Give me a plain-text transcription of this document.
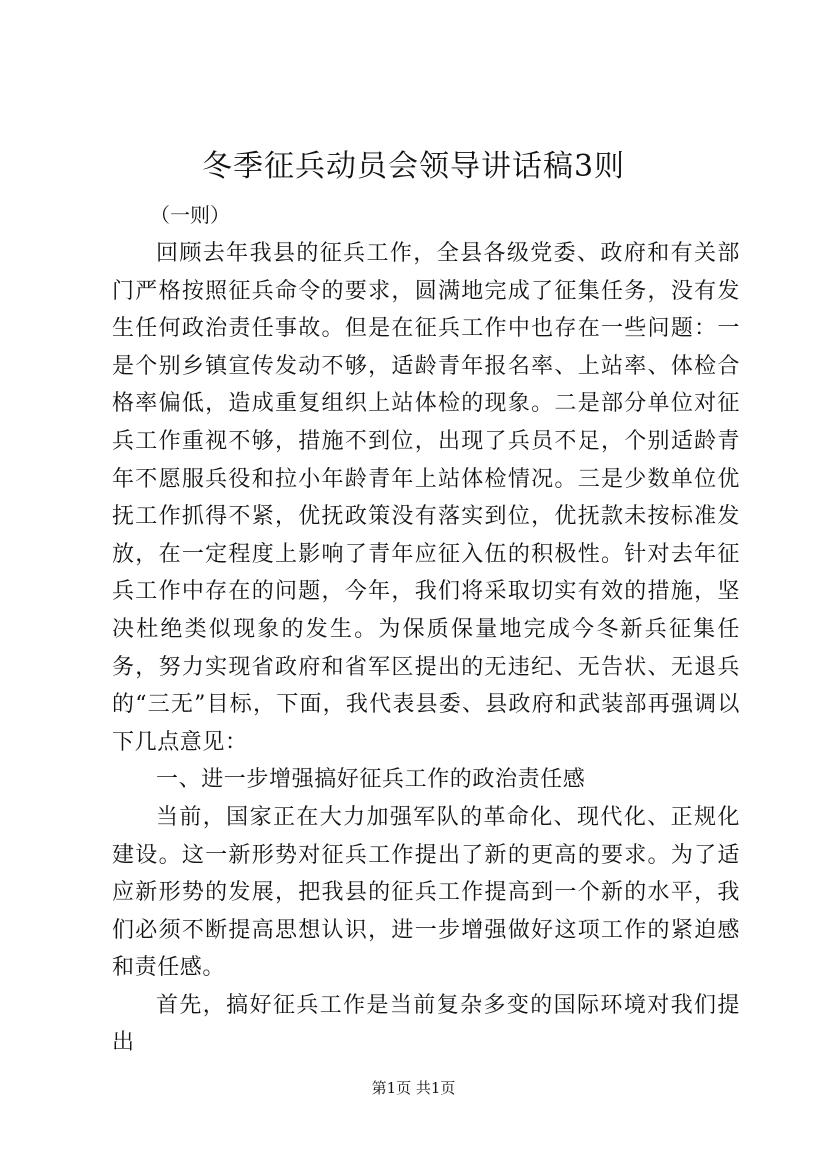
冬季征兵动员会领导讲话稿3则
（一则）

回顾去年我县的征兵工作，全县各级党委、政府和有关部门严格按照征兵命令的要求，圆满地完成了征集任务，没有发生任何政治责任事故。但是在征兵工作中也存在一些问题：一是个别乡镇宣传发动不够，适龄青年报名率、上站率、体检合格率偏低，造成重复组织上站体检的现象。二是部分单位对征兵工作重视不够，措施不到位，出现了兵员不足，个别适龄青年不愿服兵役和拉小年龄青年上站体检情况。三是少数单位优抚工作抓得不紧，优抚政策没有落实到位，优抚款未按标准发放，在一定程度上影响了青年应征入伍的积极性。针对去年征兵工作中存在的问题，今年，我们将采取切实有效的措施，坚决杜绝类似现象的发生。为保质保量地完成今冬新兵征集任务，努力实现省政府和省军区提出的无违纪、无告状、无退兵的“三无”目标，下面，我代表县委、县政府和武装部再强调以下几点意见：

一、进一步增强搞好征兵工作的政治责任感

当前，国家正在大力加强军队的革命化、现代化、正规化建设。这一新形势对征兵工作提出了新的更高的要求。为了适应新形势的发展，把我县的征兵工作提高到一个新的水平，我们必须不断提高思想认识，进一步增强做好这项工作的紧迫感和责任感。

首先，搞好征兵工作是当前复杂多变的国际环境对我们提出

第1页 共1页
